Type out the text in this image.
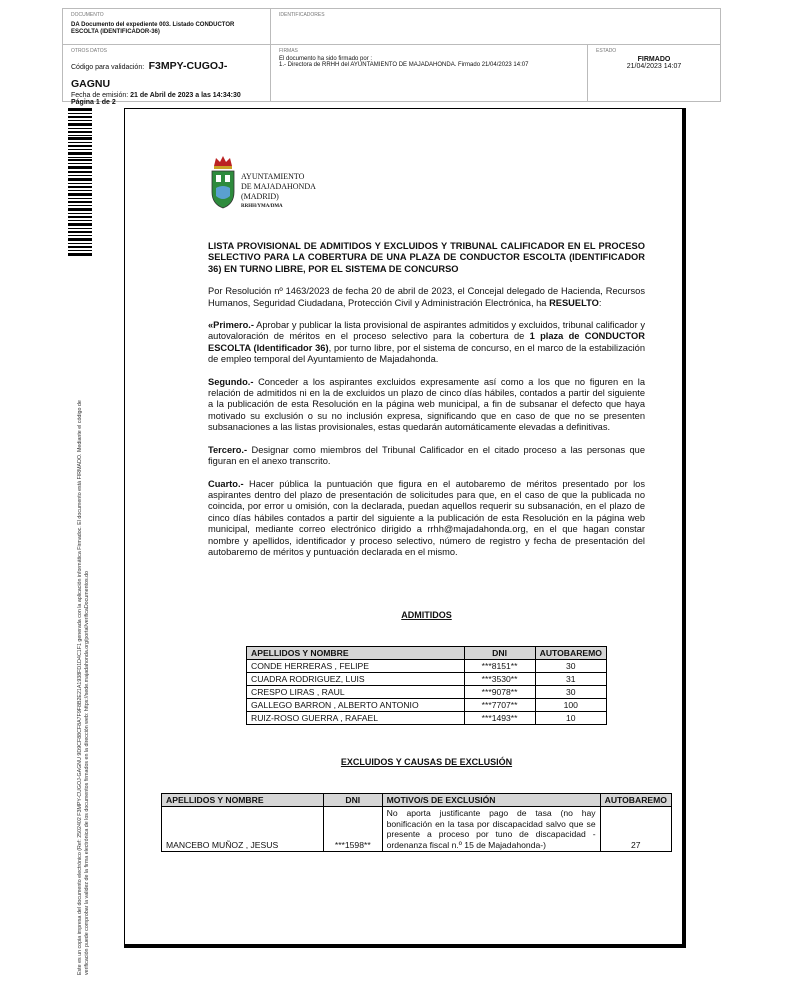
DOCUMENTO
DA Documento del expediente 003. Listado CONDUCTOR ESCOLTA (IDENTIFICADOR-36)
IDENTIFICADORES
OTROS DATOS
Código para validación: F3MPY-CUGOJ-GAGNU
Fecha de emisión: 21 de Abril de 2023 a las 14:34:30
Página 1 de 2
FIRMAS
El documento ha sido firmado por :
1.- Directora de RRHH del AYUNTAMIENTO DE MAJADAHONDA. Firmado 21/04/2023 14:07
ESTADO
FIRMADO
21/04/2023 14:07
Este es un copia impresa del documento electrónico (Ref: 2502402 F3MPY-CUGOJ-GAGNU 9D9CF88CF8A7F9F8B2E21A1938FD1D4C1F1 generada con la aplicación informática Firmadoc. El documento está FIRMADO. Mediante el código de verificación puede comprobar la validez de la firma electrónica de los documentos firmados en la dirección web: https://sede.majadahonda.org/portal/verificaDocumentos.do
AYUNTAMIENTO
DE MAJADAHONDA
(MADRID)
RRHH/YMA/DMA
LISTA PROVISIONAL DE ADMITIDOS Y EXCLUIDOS Y TRIBUNAL CALIFICADOR EN EL PROCESO SELECTIVO PARA LA COBERTURA DE UNA PLAZA DE CONDUCTOR ESCOLTA (IDENTIFICADOR 36) EN TURNO LIBRE, POR EL SISTEMA DE CONCURSO

Por Resolución nº 1463/2023 de fecha 20 de abril de 2023, el Concejal delegado de Hacienda, Recursos Humanos, Seguridad Ciudadana, Protección Civil y Administración Electrónica, ha RESUELTO:

«Primero.- Aprobar y publicar la lista provisional de aspirantes admitidos y excluidos, tribunal calificador y autovaloración de méritos en el proceso selectivo para la cobertura de 1 plaza de CONDUCTOR ESCOLTA (Identificador 36), por turno libre, por el sistema de concurso, en el marco de la estabilización de empleo temporal del Ayuntamiento de Majadahonda.

Segundo.- Conceder a los aspirantes excluidos expresamente así como a los que no figuren en la relación de admitidos ni en la de excluidos un plazo de cinco días hábiles, contados a partir del siguiente a la publicación de esta Resolución en la página web municipal, a fin de subsanar el defecto que haya motivado su exclusión o su no inclusión expresa, significando que en caso de que no se presenten subsanaciones a las listas provisionales, estas quedarán automáticamente elevadas a definitivas.

Tercero.- Designar como miembros del Tribunal Calificador en el citado proceso a las personas que figuran en el anexo transcrito.

Cuarto.- Hacer pública la puntuación que figura en el autobaremo de méritos presentado por los aspirantes dentro del plazo de presentación de solicitudes para que, en el caso de que la publicada no coincida, por error u omisión, con la declarada, puedan aquellos requerir su subsanación, en el plazo de cinco días hábiles contados a partir del siguiente a la publicación de esta Resolución en la página web municipal, mediante correo electrónico dirigido a rrhh@majadahonda.org, en el que hagan constar nombre y apellidos, identificador y proceso selectivo, número de registro y fecha de presentación del autobaremo de méritos y puntuación declarada en el mismo.

ADMITIDOS
APELLIDOS Y NOMBRE	DNI	AUTOBAREMO
CONDE HERRERAS , FELIPE	***8151**	30
CUADRA RODRIGUEZ, LUIS	***3530**	31
CRESPO LIRAS , RAUL	***9078**	30
GALLEGO BARRON , ALBERTO ANTONIO	***7707**	100
RUIZ-ROSO GUERRA , RAFAEL	***1493**	10
EXCLUIDOS Y CAUSAS DE EXCLUSIÓN
APELLIDOS Y NOMBRE	DNI	MOTIVO/S DE EXCLUSIÓN	AUTOBAREMO
MANCEBO MUÑOZ , JESUS	***1598**	No aporta justificante pago de tasa (no hay bonificación en la tasa por discapacidad salvo que se presente a proceso por tuno de discapacidad -ordenanza fiscal n.º 15 de Majadahonda-)	27
